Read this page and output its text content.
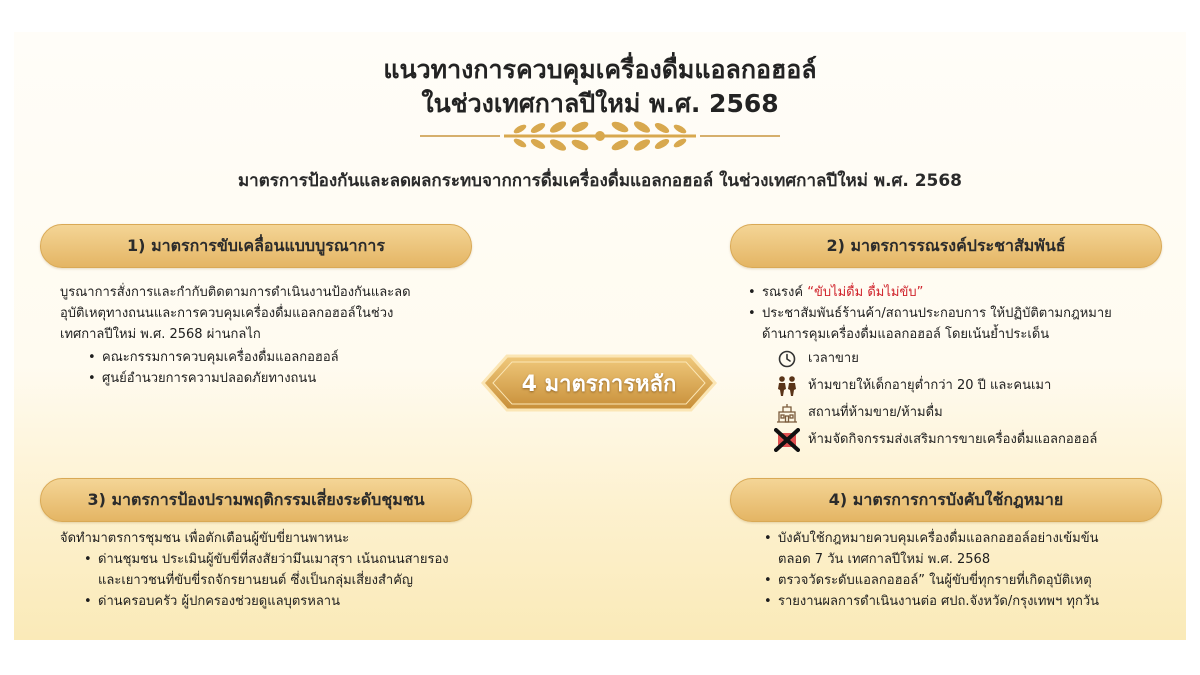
แนวทางการควบคุมเครื่องดื่มแอลกอฮอล์
ในช่วงเทศกาลปีใหม่ พ.ศ. 2568
มาตรการป้องกันและลดผลกระทบจากการดื่มเครื่องดื่มแอลกอฮอล์ ในช่วงเทศกาลปีใหม่ พ.ศ. 2568
1) มาตรการขับเคลื่อนแบบบูรณาการ
บูรณาการสั่งการและกำกับติดตามการดำเนินงานป้องกันและลด
อุบัติเหตุทางถนนและการควบคุมเครื่องดื่มแอลกอฮอล์ในช่วง
เทศกาลปีใหม่ พ.ศ. 2568 ผ่านกลไก
• คณะกรรมการควบคุมเครื่องดื่มแอลกอฮอล์
• ศูนย์อำนวยการความปลอดภัยทางถนน
2) มาตรการรณรงค์ประชาสัมพันธ์
• รณรงค์ “ขับไม่ดื่ม ดื่มไม่ขับ”
• ประชาสัมพันธ์ร้านค้า/สถานประกอบการ ให้ปฏิบัติตามกฎหมาย
ด้านการคุมเครื่องดื่มแอลกอฮอล์ โดยเน้นย้ำประเด็น
เวลาขาย
ห้ามขายให้เด็กอายุต่ำกว่า 20 ปี และคนเมา
สถานที่ห้ามขาย/ห้ามดื่ม
ห้ามจัดกิจกรรมส่งเสริมการขายเครื่องดื่มแอลกอฮอล์
4 มาตรการหลัก
3) มาตรการป้องปรามพฤติกรรมเสี่ยงระดับชุมชน
จัดทำมาตรการชุมชน เพื่อตักเตือนผู้ขับขี่ยานพาหนะ
• ด่านชุมชน ประเมินผู้ขับขี่ที่สงสัยว่ามึนเมาสุรา เน้นถนนสายรอง
และเยาวชนที่ขับขี่รถจักรยานยนต์ ซึ่งเป็นกลุ่มเสี่ยงสำคัญ
• ด่านครอบครัว ผู้ปกครองช่วยดูแลบุตรหลาน
4) มาตรการการบังคับใช้กฎหมาย
• บังคับใช้กฎหมายควบคุมเครื่องดื่มแอลกอฮอล์อย่างเข้มข้น
ตลอด 7 วัน เทศกาลปีใหม่ พ.ศ. 2568
• ตรวจวัดระดับแอลกอฮอล์” ในผู้ขับขี่ทุกรายที่เกิดอุบัติเหตุ
• รายงานผลการดำเนินงานต่อ ศปถ.จังหวัด/กรุงเทพฯ ทุกวัน
